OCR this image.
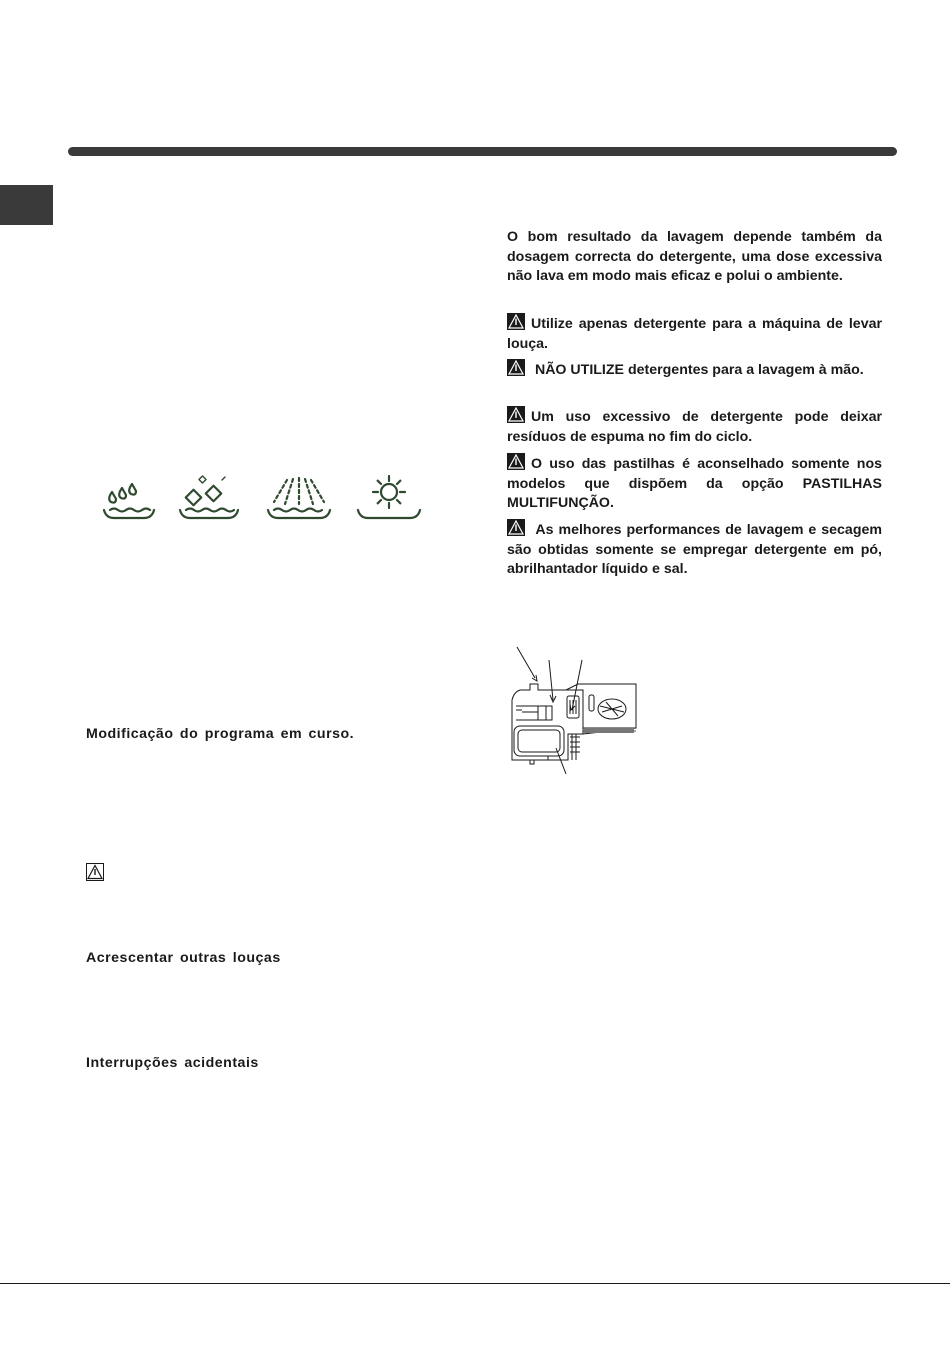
Modificação do programa em curso.
Acrescentar outras louças
Interrupções acidentais

O bom resultado da lavagem depende também da dosagem correcta do detergente, uma dose excessiva não lava em modo mais eficaz e polui o ambiente.

Utilize apenas detergente para a máquina de levar louça.

NÃO UTILIZE detergentes para a lavagem à mão.

Um uso excessivo de detergente pode deixar resíduos de espuma no fim do ciclo.

O uso das pastilhas é aconselhado somente nos modelos que dispõem da opção PASTILHAS MULTIFUNÇÃO.

As melhores performances de lavagem e secagem são obtidas somente se empregar detergente em pó, abrilhantador líquido e sal.
